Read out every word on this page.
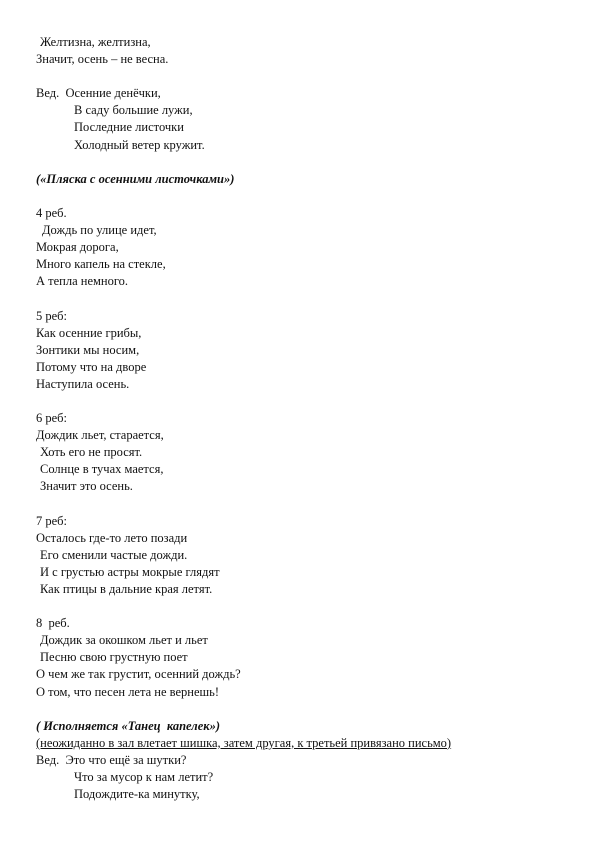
Желтизна, желтизна,
Значит, осень – не весна.
Вед.  Осенние денёчки,
В саду большие лужи,
Последние листочки
Холодный ветер кружит.
(«Пляска с осенними листочками»)
4 реб.
Дождь по улице идет,
Мокрая дорога,
Много капель на стекле,
А тепла немного.
5 реб:
Как осенние грибы,
Зонтики мы носим,
Потому что на дворе
Наступила осень.
6 реб:
Дождик льет, старается,
Хоть его не просят.
Солнце в тучах мается,
Значит это осень.
7 реб:
Осталось где-то лето позади
Его сменили частые дожди.
И с грустью астры мокрые глядят
Как птицы в дальние края летят.
8  реб.
Дождик за окошком льет и льет
Песню свою грустную поет
О чем же так грустит, осенний дождь?
О том, что песен лета не вернешь!
( Исполняется «Танец  капелек»)
(неожиданно в зал влетает шишка, затем другая, к третьей привязано письмо)
Вед.  Это что ещё за шутки?
Что за мусор к нам летит?
Подождите-ка минутку,
